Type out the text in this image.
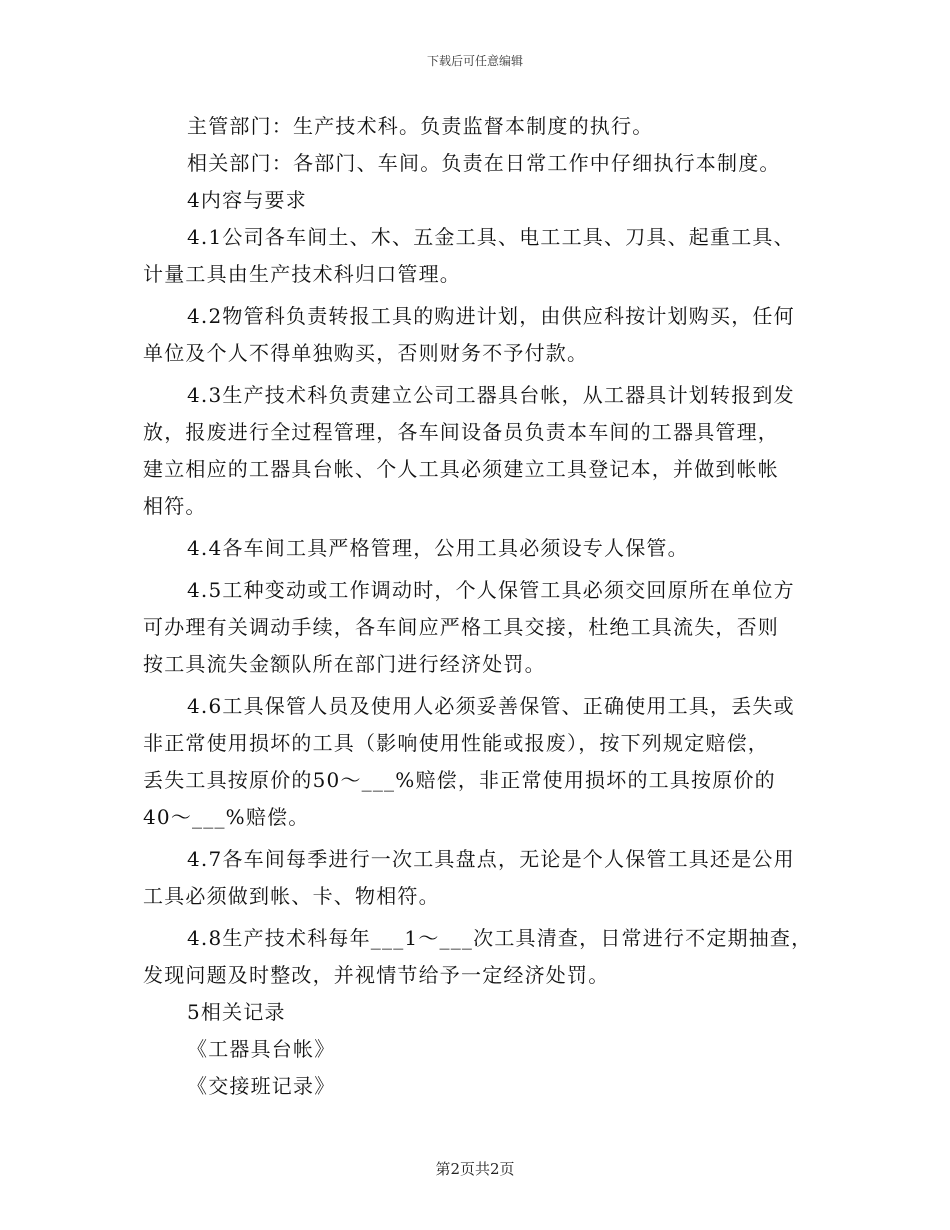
下载后可任意编辑
主管部门：生产技术科。负责监督本制度的执行。
相关部门：各部门、车间。负责在日常工作中仔细执行本制度。
4内容与要求
4.1公司各车间土、木、五金工具、电工工具、刀具、起重工具、
计量工具由生产技术科归口管理。
4.2物管科负责转报工具的购进计划，由供应科按计划购买，任何
单位及个人不得单独购买，否则财务不予付款。
4.3生产技术科负责建立公司工器具台帐，从工器具计划转报到发
放，报废进行全过程管理，各车间设备员负责本车间的工器具管理，
建立相应的工器具台帐、个人工具必须建立工具登记本，并做到帐帐
相符。
4.4各车间工具严格管理，公用工具必须设专人保管。
4.5工种变动或工作调动时，个人保管工具必须交回原所在单位方
可办理有关调动手续，各车间应严格工具交接，杜绝工具流失，否则
按工具流失金额队所在部门进行经济处罚。
4.6工具保管人员及使用人必须妥善保管、正确使用工具，丢失或
非正常使用损坏的工具（影响使用性能或报废），按下列规定赔偿，
丢失工具按原价的50～___%赔偿，非正常使用损坏的工具按原价的
40～___%赔偿。
4.7各车间每季进行一次工具盘点，无论是个人保管工具还是公用
工具必须做到帐、卡、物相符。
4.8生产技术科每年___1～___次工具清查，日常进行不定期抽查，
发现问题及时整改，并视情节给予一定经济处罚。
5相关记录
《工器具台帐》
《交接班记录》
第2页共2页
